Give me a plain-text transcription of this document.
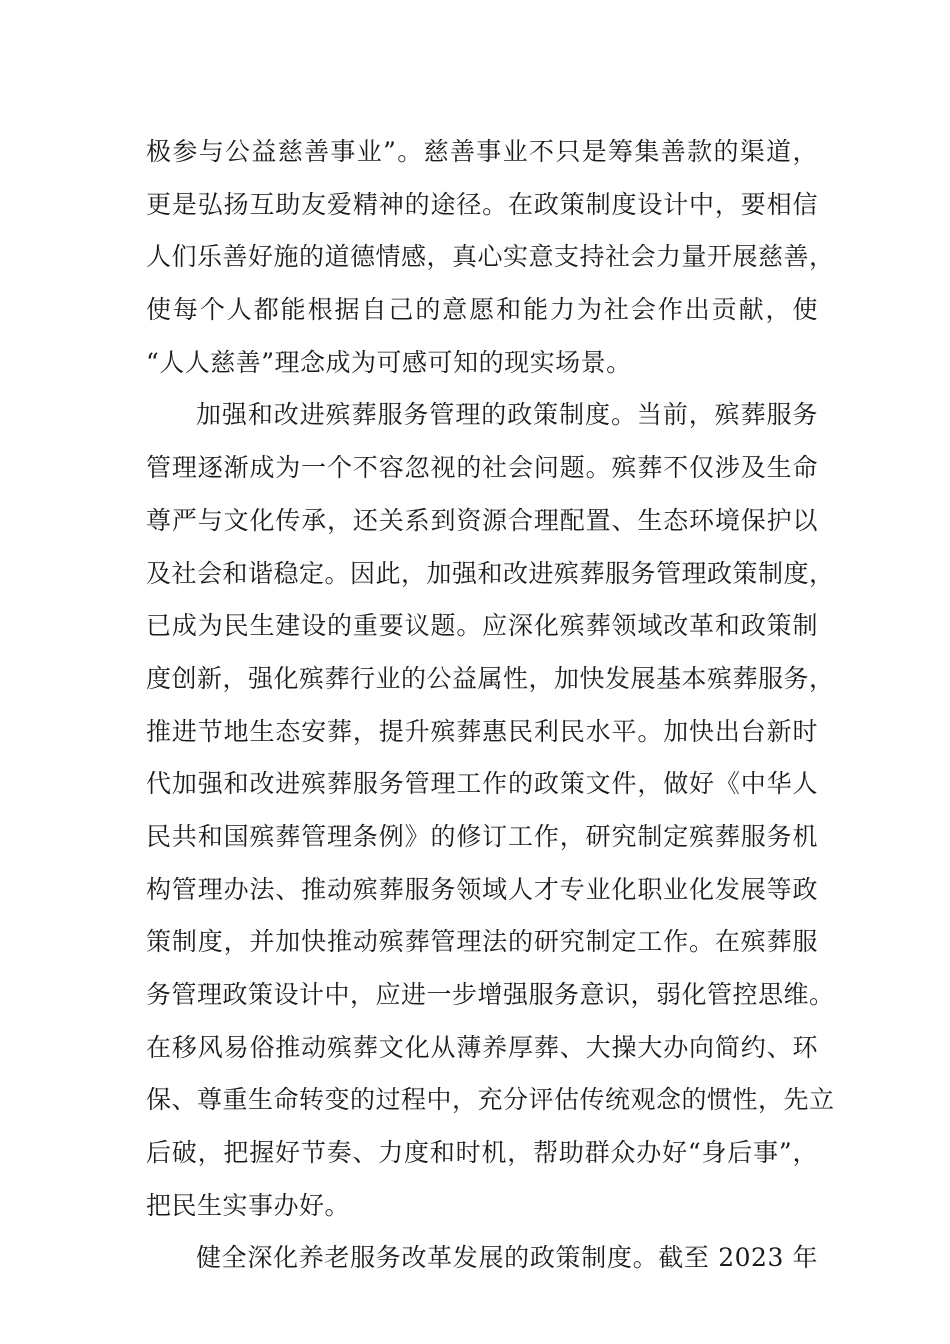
极参与公益慈善事业”。慈善事业不只是筹集善款的渠道，
更是弘扬互助友爱精神的途径。在政策制度设计中，要相信
人们乐善好施的道德情感，真心实意支持社会力量开展慈善，
使每个人都能根据自己的意愿和能力为社会作出贡献，使
“人人慈善”理念成为可感可知的现实场景。
加强和改进殡葬服务管理的政策制度。当前，殡葬服务
管理逐渐成为一个不容忽视的社会问题。殡葬不仅涉及生命
尊严与文化传承，还关系到资源合理配置、生态环境保护以
及社会和谐稳定。因此，加强和改进殡葬服务管理政策制度，
已成为民生建设的重要议题。应深化殡葬领域改革和政策制
度创新，强化殡葬行业的公益属性，加快发展基本殡葬服务，
推进节地生态安葬，提升殡葬惠民利民水平。加快出台新时
代加强和改进殡葬服务管理工作的政策文件，做好《中华人
民共和国殡葬管理条例》的修订工作，研究制定殡葬服务机
构管理办法、推动殡葬服务领域人才专业化职业化发展等政
策制度，并加快推动殡葬管理法的研究制定工作。在殡葬服
务管理政策设计中，应进一步增强服务意识，弱化管控思维。
在移风易俗推动殡葬文化从薄养厚葬、大操大办向简约、环
保、尊重生命转变的过程中，充分评估传统观念的惯性，先立
后破，把握好节奏、力度和时机，帮助群众办好“身后事”，
把民生实事办好。
健全深化养老服务改革发展的政策制度。截至 2023 年
